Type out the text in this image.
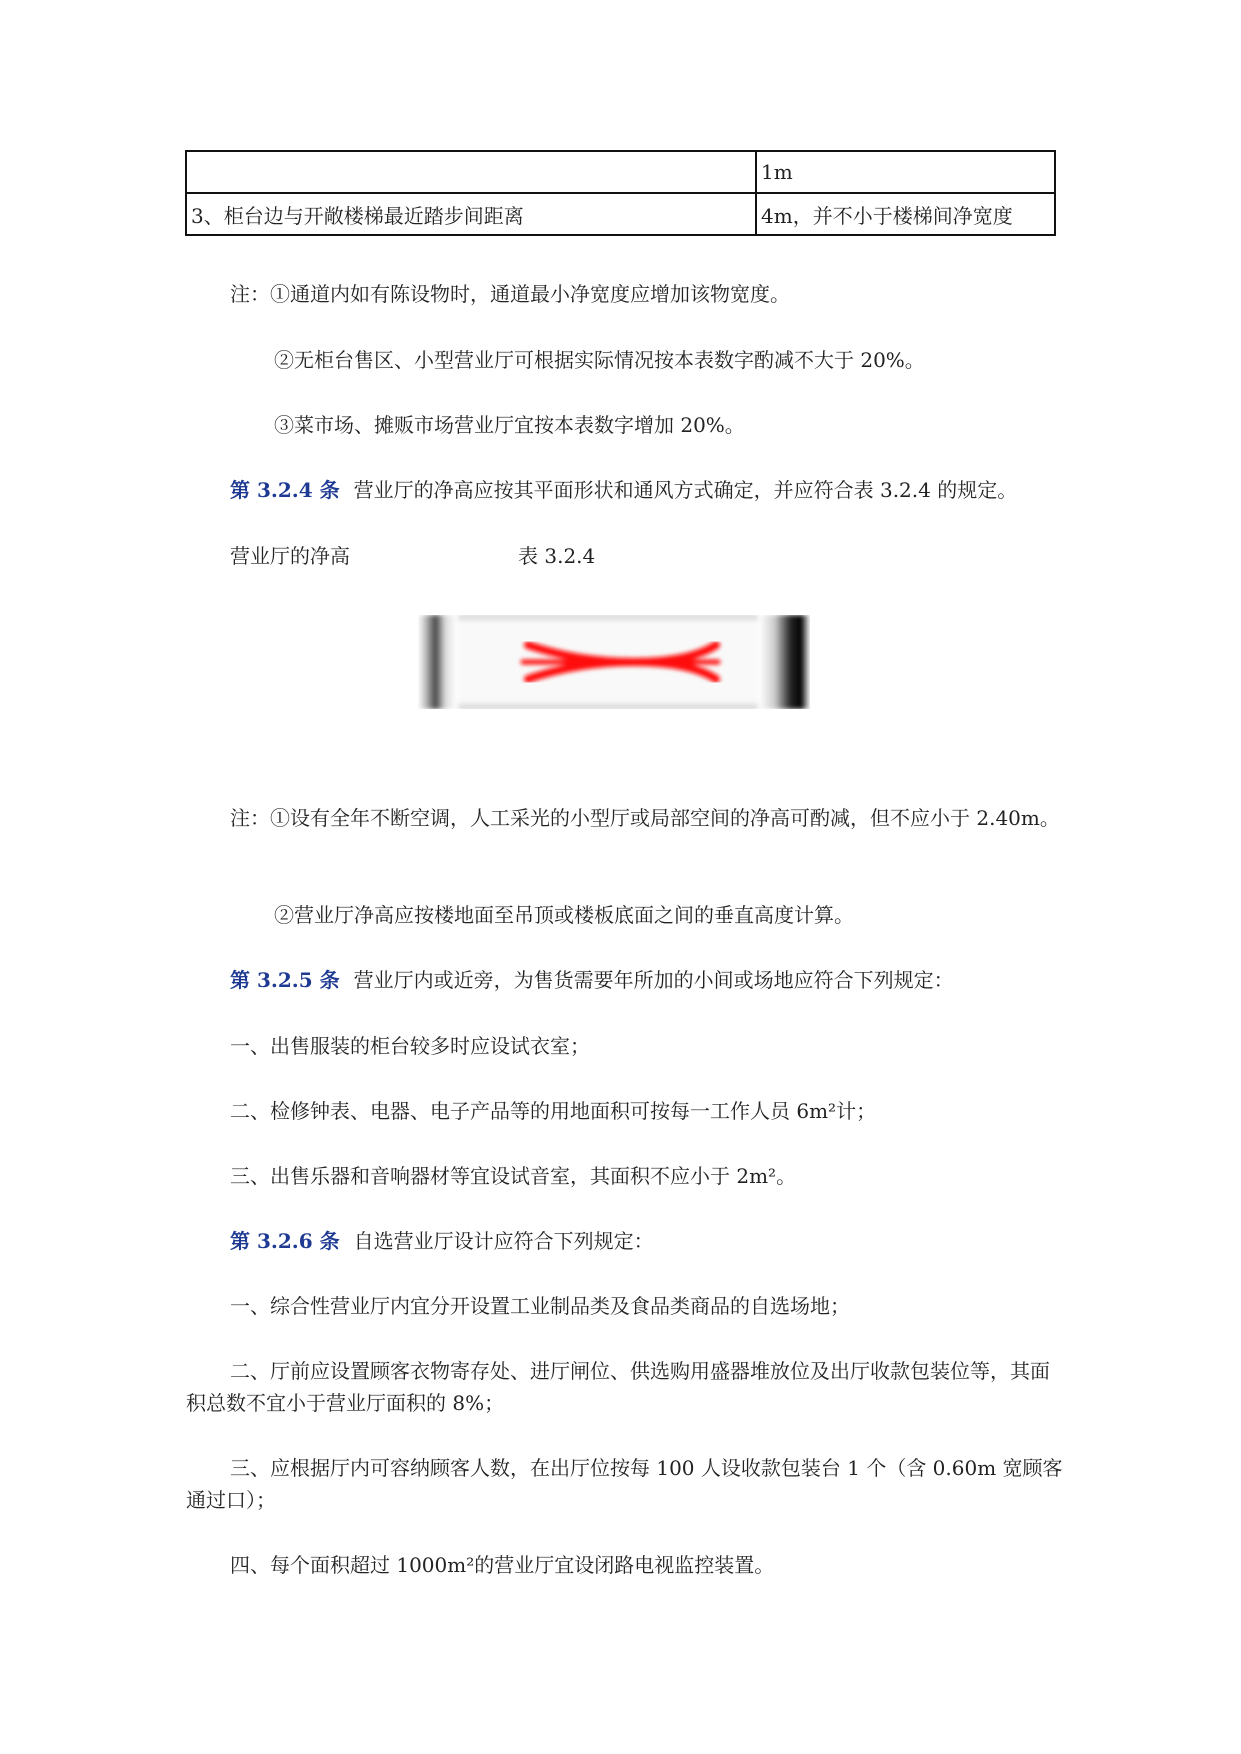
	1m
3、柜台边与开敞楼梯最近踏步间距离	4m，并不小于楼梯间净宽度
注：①通道内如有陈设物时，通道最小净宽度应增加该物宽度。
②无柜台售区、小型营业厅可根据实际情况按本表数字酌减不大于 20%。
③菜市场、摊贩市场营业厅宜按本表数字增加 20%。
第 3.2.4 条 营业厅的净高应按其平面形状和通风方式确定，并应符合表 3.2.4 的规定。
营业厅的净高	表 3.2.4
注：①设有全年不断空调，人工采光的小型厅或局部空间的净高可酌减，但不应小于 2.40m。
②营业厅净高应按楼地面至吊顶或楼板底面之间的垂直高度计算。
第 3.2.5 条 营业厅内或近旁，为售货需要年所加的小间或场地应符合下列规定：
一、出售服装的柜台较多时应设试衣室；
二、检修钟表、电器、电子产品等的用地面积可按每一工作人员 6m²计；
三、出售乐器和音响器材等宜设试音室，其面积不应小于 2m²。
第 3.2.6 条 自选营业厅设计应符合下列规定：
一、综合性营业厅内宜分开设置工业制品类及食品类商品的自选场地；
二、厅前应设置顾客衣物寄存处、进厅闸位、供选购用盛器堆放位及出厅收款包装位等，其面积总数不宜小于营业厅面积的 8%；
三、应根据厅内可容纳顾客人数，在出厅位按每 100 人设收款包装台 1 个（含 0.60m 宽顾客通过口）；
四、每个面积超过 1000m²的营业厅宜设闭路电视监控装置。
